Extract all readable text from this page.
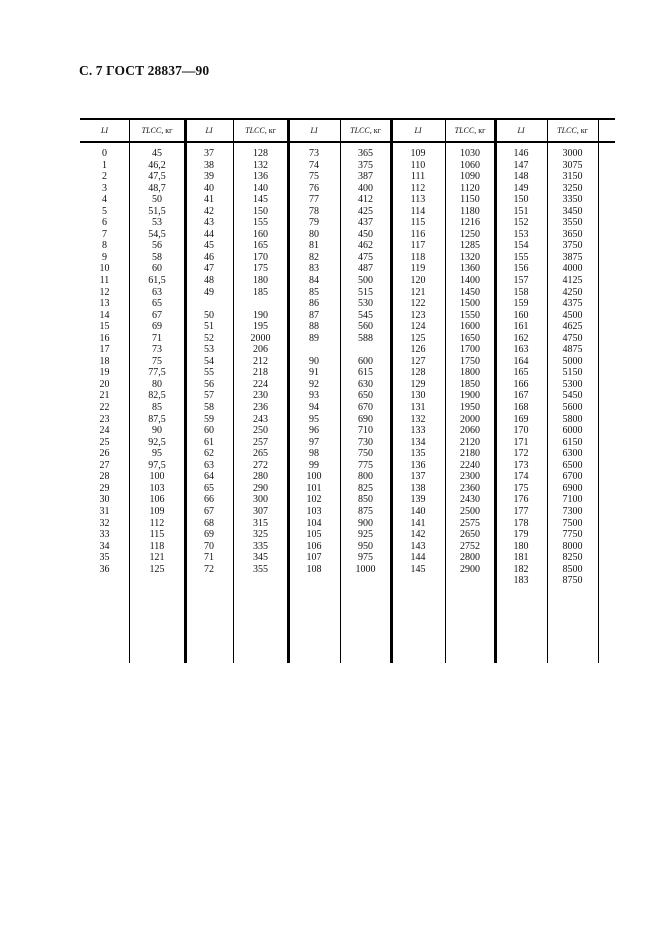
С. 7 ГОСТ 28837—90
LI
0
1
2
3
4
5
6
7
8
9
10
11
12
13
14
15
16
17
18
19
20
21
22
23
24
25
26
27
28
29
30
31
32
33
34
35
36
TLCC, кг
45
46,2
47,5
48,7
50
51,5
53
54,5
56
58
60
61,5
63
65
67
69
71
73
75
77,5
80
82,5
85
87,5
90
92,5
95
97,5
100
103
106
109
112
115
118
121
125
LI
37
38
39
40
41
42
43
44
45
46
47
48
49
50
51
52
53
54
55
56
57
58
59
60
61
62
63
64
65
66
67
68
69
70
71
72
TLCC, кг
128
132
136
140
145
150
155
160
165
170
175
180
185
190
195
2000
206
212
218
224
230
236
243
250
257
265
272
280
290
300
307
315
325
335
345
355
LI
73
74
75
76
77
78
79
80
81
82
83
84
85
86
87
88
89
90
91
92
93
94
95
96
97
98
99
100
101
102
103
104
105
106
107
108
TLCC, кг
365
375
387
400
412
425
437
450
462
475
487
500
515
530
545
560
588
600
615
630
650
670
690
710
730
750
775
800
825
850
875
900
925
950
975
1000
LI
109
110
111
112
113
114
115
116
117
118
119
120
121
122
123
124
125
126
127
128
129
130
131
132
133
134
135
136
137
138
139
140
141
142
143
144
145
TLCC, кг
1030
1060
1090
1120
1150
1180
1216
1250
1285
1320
1360
1400
1450
1500
1550
1600
1650
1700
1750
1800
1850
1900
1950
2000
2060
2120
2180
2240
2300
2360
2430
2500
2575
2650
2752
2800
2900
LI
146
147
148
149
150
151
152
153
154
155
156
157
158
159
160
161
162
163
164
165
166
167
168
169
170
171
172
173
174
175
176
177
178
179
180
181
182
183
TLCC, кг
3000
3075
3150
3250
3350
3450
3550
3650
3750
3875
4000
4125
4250
4375
4500
4625
4750
4875
5000
5150
5300
5450
5600
5800
6000
6150
6300
6500
6700
6900
7100
7300
7500
7750
8000
8250
8500
8750
